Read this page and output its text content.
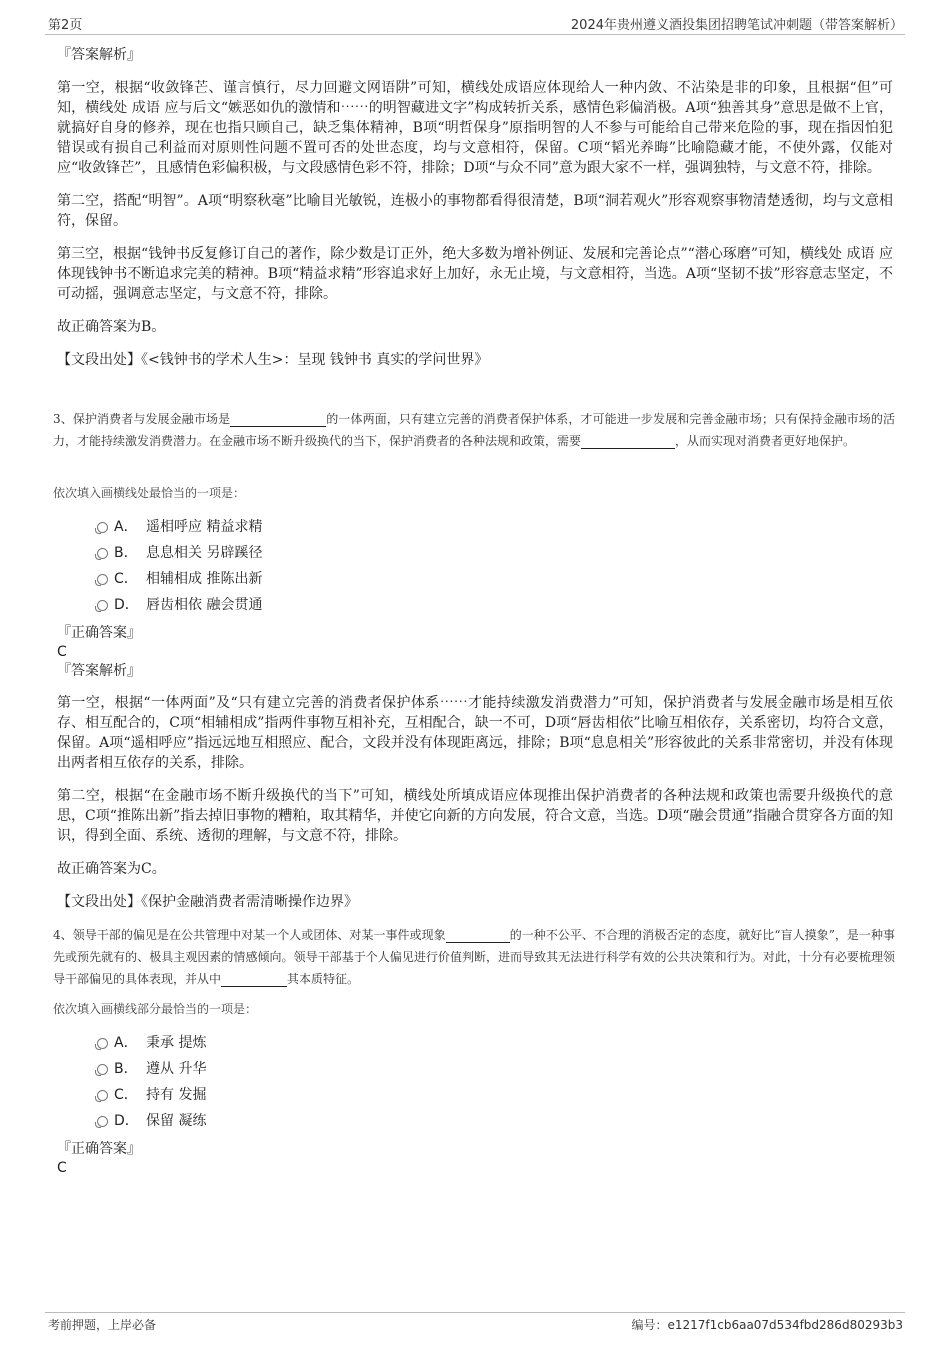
第2页	2024年贵州遵义酒投集团招聘笔试冲刺题（带答案解析）

『答案解析』

第一空，根据“收敛锋芒、谨言慎行，尽力回避文网语阱”可知，横线处成语应体现给人一种内敛、不沾染是非的印象，且根据“但”可知，横线处 成语 应与后文“嫉恶如仇的激情和⋯⋯的明智藏进文字”构成转折关系，感情色彩偏消极。A项“独善其身”意思是做不上官，就搞好自身的修养，现在也指只顾自己，缺乏集体精神，B项“明哲保身”原指明智的人不参与可能给自己带来危险的事，现在指因怕犯错误或有损自己利益而对原则性问题不置可否的处世态度，均与文意相符，保留。C项“韬光养晦”比喻隐藏才能，不使外露，仅能对应“收敛锋芒”，且感情色彩偏积极，与文段感情色彩不符，排除；D项“与众不同”意为跟大家不一样，强调独特，与文意不符，排除。

第二空，搭配“明智”。A项“明察秋毫”比喻目光敏锐，连极小的事物都看得很清楚，B项“洞若观火”形容观察事物清楚透彻，均与文意相符，保留。

第三空，根据“钱钟书反复修订自己的著作，除少数是订正外，绝大多数为增补例证、发展和完善论点”“潜心琢磨”可知，横线处 成语 应体现钱钟书不断追求完美的精神。B项“精益求精”形容追求好上加好，永无止境，与文意相符，当选。A项“坚韧不拔”形容意志坚定，不可动摇，强调意志坚定，与文意不符，排除。

故正确答案为B。

【文段出处】《<钱钟书的学术人生>：呈现 钱钟书 真实的学问世界》

3、保护消费者与发展金融市场是	的一体两面，只有建立完善的消费者保护体系，才可能进一步发展和完善金融市场；只有保持金融市场的活力，才能持续激发消费潜力。在金融市场不断升级换代的当下，保护消费者的各种法规和政策，需要	，从而实现对消费者更好地保护。

依次填入画横线处最恰当的一项是：

A． 遥相呼应 精益求精
B． 息息相关 另辟蹊径
C． 相辅相成 推陈出新
D． 唇齿相依 融会贯通

『正确答案』

C

『答案解析』

第一空，根据“一体两面”及“只有建立完善的消费者保护体系⋯⋯才能持续激发消费潜力”可知，保护消费者与发展金融市场是相互依存、相互配合的，C项“相辅相成”指两件事物互相补充，互相配合，缺一不可，D项“唇齿相依”比喻互相依存，关系密切，均符合文意，保留。A项“遥相呼应”指远远地互相照应、配合，文段并没有体现距离远，排除；B项“息息相关”形容彼此的关系非常密切，并没有体现出两者相互依存的关系，排除。

第二空，根据“在金融市场不断升级换代的当下”可知，横线处所填成语应体现推出保护消费者的各种法规和政策也需要升级换代的意思，C项“推陈出新”指去掉旧事物的糟粕，取其精华，并使它向新的方向发展，符合文意，当选。D项“融会贯通”指融合贯穿各方面的知识，得到全面、系统、透彻的理解，与文意不符，排除。

故正确答案为C。

【文段出处】《保护金融消费者需清晰操作边界》

4、领导干部的偏见是在公共管理中对某一个人或团体、对某一事件或现象	的一种不公平、不合理的消极否定的态度，就好比“盲人摸象”，是一种事先或预先就有的、极具主观因素的情感倾向。领导干部基于个人偏见进行价值判断，进而导致其无法进行科学有效的公共决策和行为。对此，十分有必要梳理领导干部偏见的具体表现，并从中	其本质特征。

依次填入画横线部分最恰当的一项是：

A． 秉承 提炼
B． 遵从 升华
C． 持有 发掘
D． 保留 凝练

『正确答案』

C

考前押题，上岸必备	编号：e1217f1cb6aa07d534fbd286d80293b3
